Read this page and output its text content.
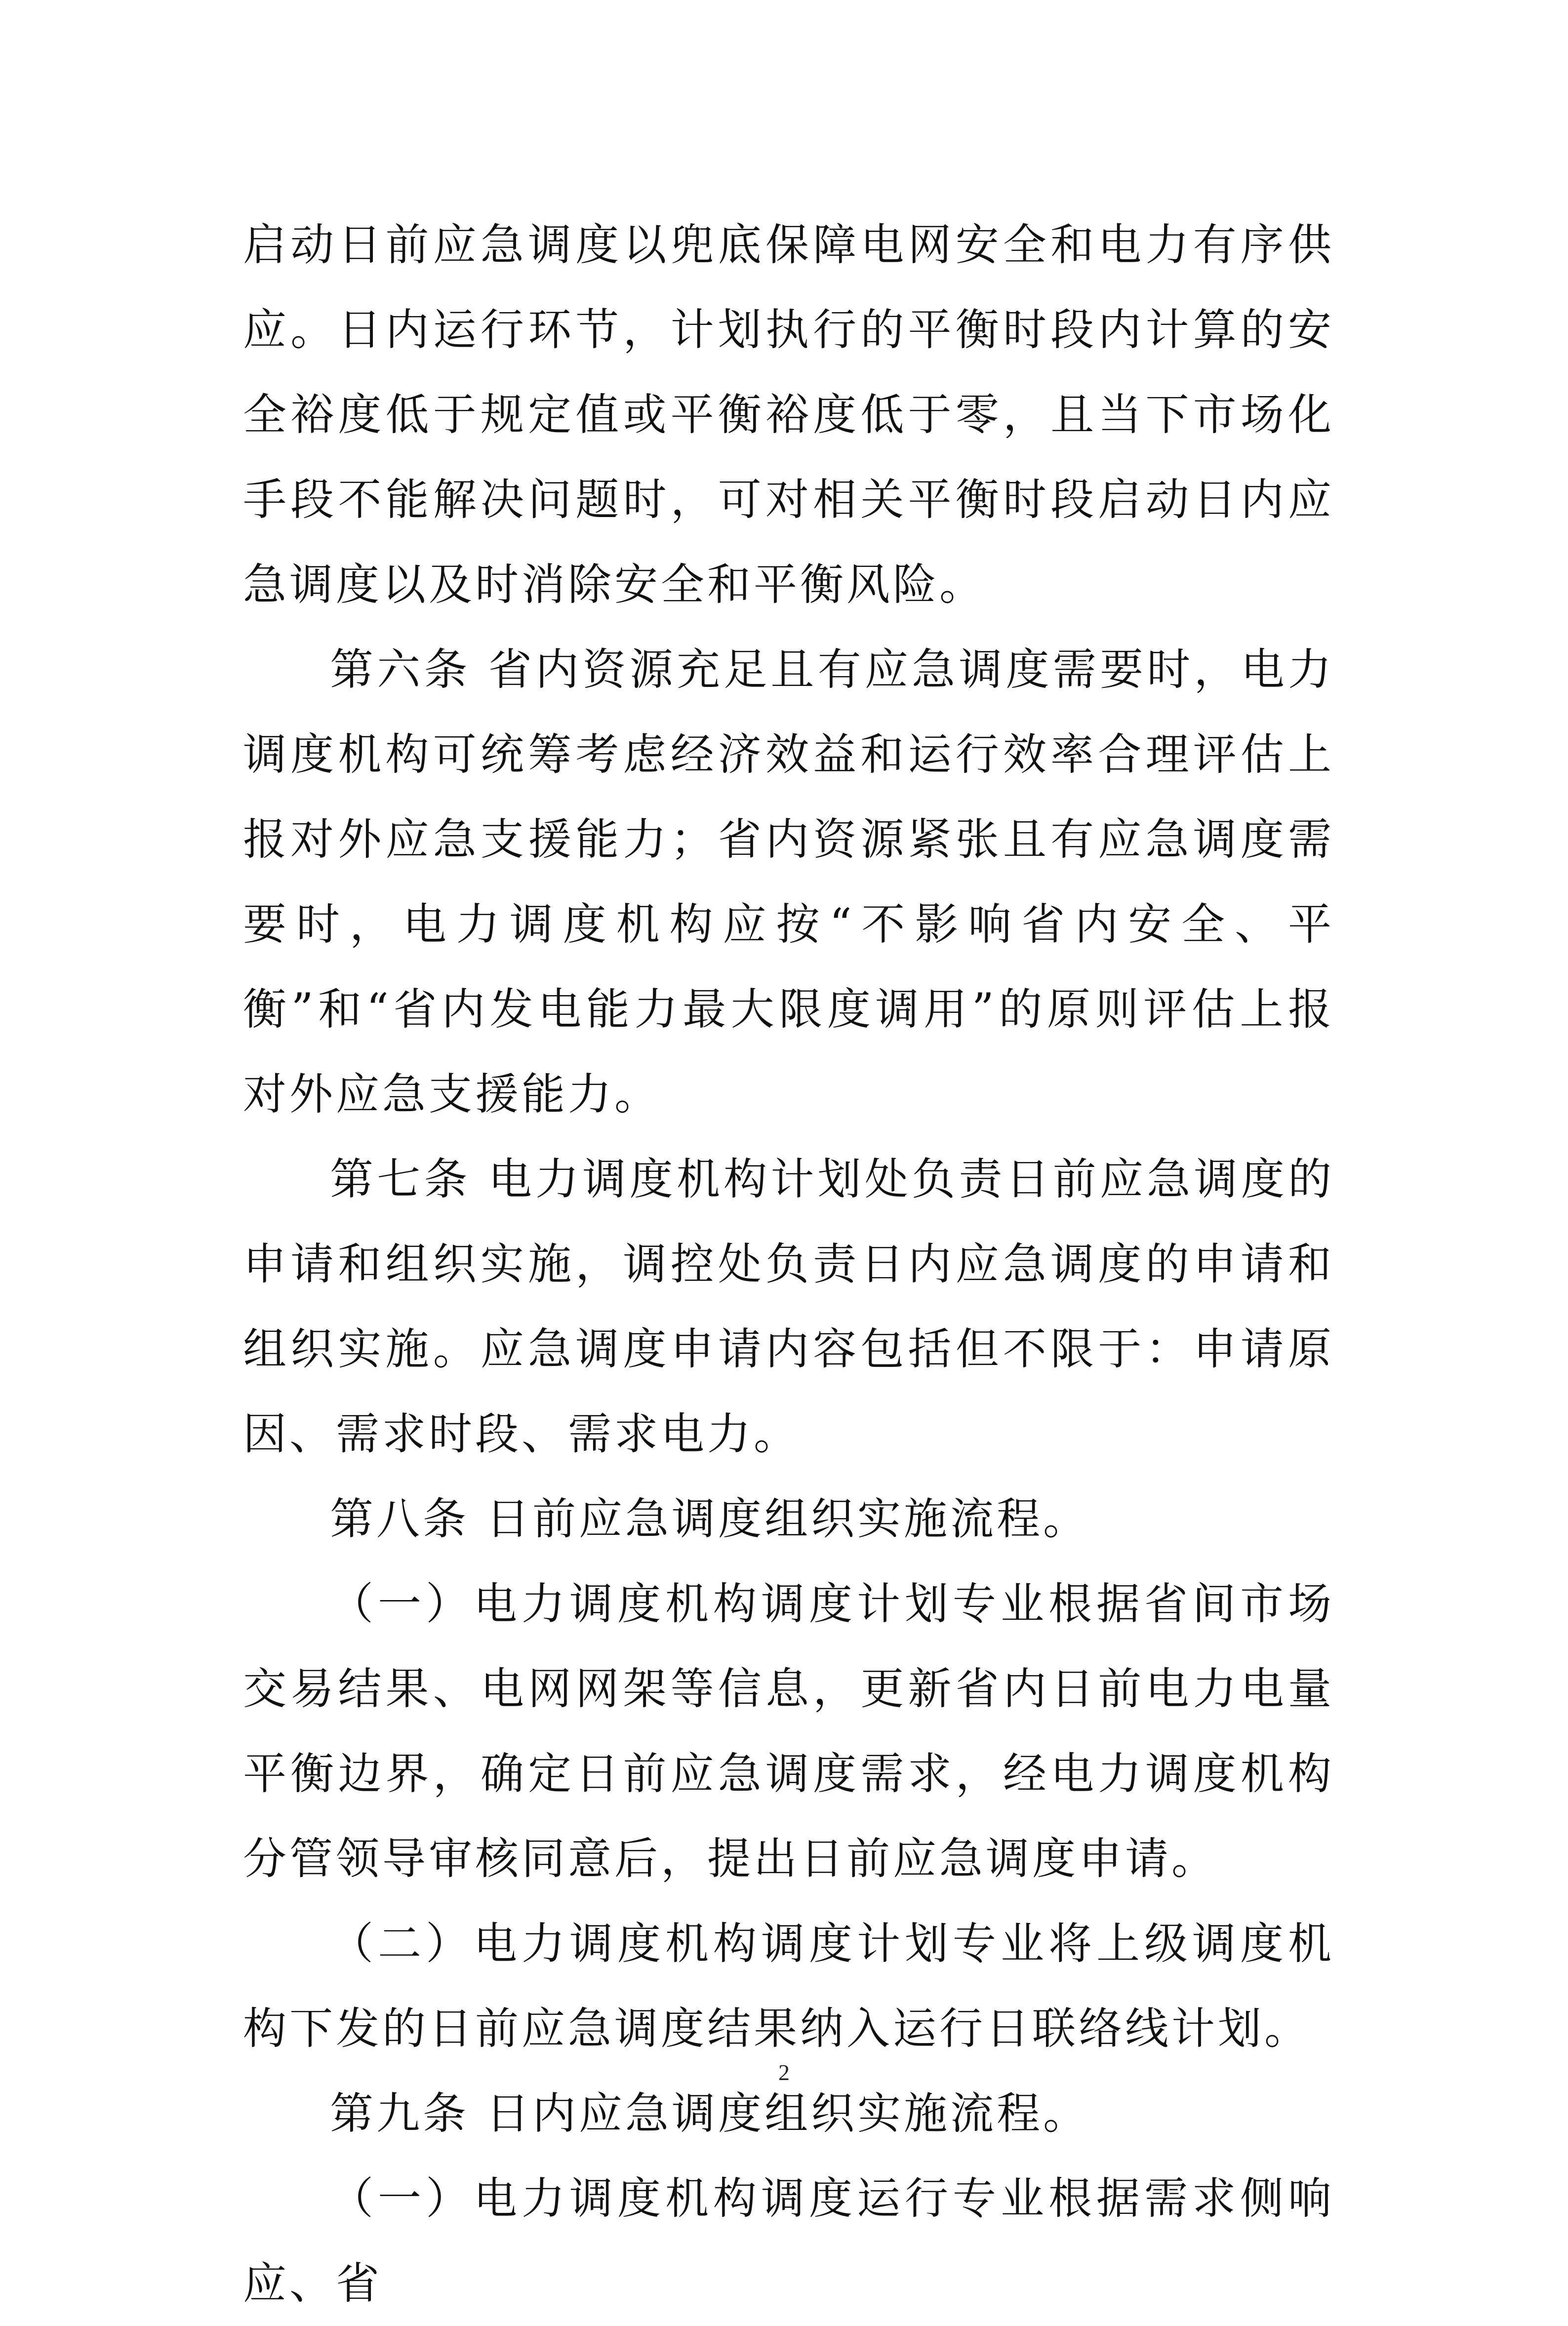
启动日前应急调度以兜底保障电网安全和电力有序供应。日内运行环节，计划执行的平衡时段内计算的安全裕度低于规定值或平衡裕度低于零，且当下市场化手段不能解决问题时，可对相关平衡时段启动日内应急调度以及时消除安全和平衡风险。

第六条 省内资源充足且有应急调度需要时，电力调度机构可统筹考虑经济效益和运行效率合理评估上报对外应急支援能力；省内资源紧张且有应急调度需要时，电力调度机构应按“不影响省内安全、平衡”和“省内发电能力最大限度调用”的原则评估上报对外应急支援能力。

第七条 电力调度机构计划处负责日前应急调度的申请和组织实施，调控处负责日内应急调度的申请和组织实施。应急调度申请内容包括但不限于：申请原因、需求时段、需求电力。

第八条 日前应急调度组织实施流程。

（一）电力调度机构调度计划专业根据省间市场交易结果、电网网架等信息，更新省内日前电力电量平衡边界，确定日前应急调度需求，经电力调度机构分管领导审核同意后，提出日前应急调度申请。

（二）电力调度机构调度计划专业将上级调度机构下发的日前应急调度结果纳入运行日联络线计划。

第九条 日内应急调度组织实施流程。

（一）电力调度机构调度运行专业根据需求侧响应、省

2
